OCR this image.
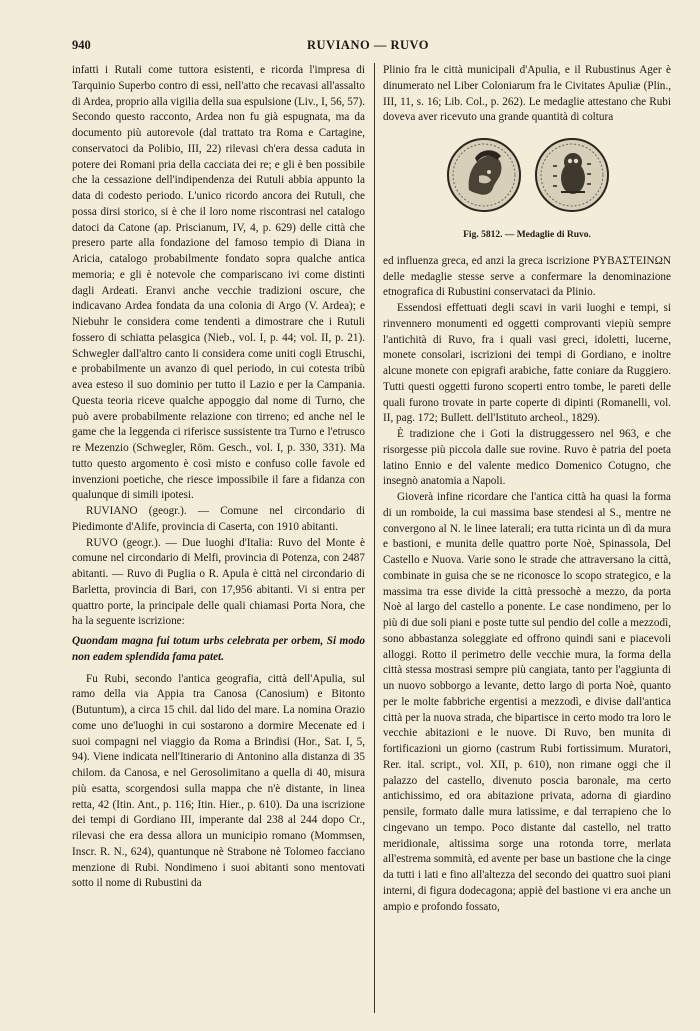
940	RUVIANO — RUVO

infatti i Rutali come tuttora esistenti, e ricorda l'impresa di Tarquinio Superbo contro di essi, nell'atto che recavasi all'assalto di Ardea, proprio alla vigilia della sua espulsione (Liv., I, 56, 57). Secondo questo racconto, Ardea non fu già espugnata, ma da documento più autorevole (dal trattato tra Roma e Cartagine, conservatoci da Polibio, III, 22) rilevasi ch'era dessa caduta in potere dei Romani pria della cacciata dei re; e gli è ben possibile che la cessazione dell'indipendenza dei Rutuli abbia appunto la data di codesto periodo. L'unico ricordo ancora dei Rutuli, che possa dirsi storico, si è che il loro nome riscontrasi nel catalogo datoci da Catone (ap. Priscianum, IV, 4, p. 629) delle città che presero parte alla fondazione del famoso tempio di Diana in Aricia, catalogo probabilmente fondato sopra qualche antica memoria; e gli è notevole che compariscano ivi come distinti dagli Ardeati. Eranvi anche vecchie tradizioni oscure, che indicavano Ardea fondata da una colonia di Argo (V. Ardea); e Niebuhr le considera come tendenti a dimostrare che i Rutuli fossero di schiatta pelasgica (Nieb., vol. I, p. 44; vol. II, p. 21). Schwegler dall'altro canto li considera come uniti cogli Etruschi, e probabilmente un avanzo di quel periodo, in cui cotesta tribù avea esteso il suo dominio per tutto il Lazio e per la Campania. Questa teoria riceve qualche appoggio dal nome di Turno, che può avere probabilmente relazione con tirreno; ed anche nel le game che la leggenda ci riferisce sussistente tra Turno e l'etrusco re Mezenzio (Schwegler, Röm. Gesch., vol. I, p. 330, 331). Ma tutto questo argomento è così misto e confuso colle favole ed invenzioni poetiche, che riesce impossibile il fare a fidanza con qualunque di simili ipotesi.

RUVIANO (geogr.). — Comune nel circondario di Piedimonte d'Alife, provincia di Caserta, con 1910 abitanti.

RUVO (geogr.). — Due luoghi d'Italia: Ruvo del Monte è comune nel circondario di Melfi, provincia di Potenza, con 2487 abitanti. — Ruvo di Puglia o R. Apula è città nel circondario di Barletta, provincia di Bari, con 17,956 abitanti. Vi si entra per quattro porte, la principale delle quali chiamasi Porta Nora, che ha la seguente iscrizione:

Quondam magna fui totum urbs celebrata per orbem, Si modo non eadem splendida fama patet.

Fu Rubi, secondo l'antica geografia, città dell'Apulia, sul ramo della via Appia tra Canosa (Canosium) e Bitonto (Butuntum), a circa 15 chil. dal lido del mare. La nomina Orazio come uno de'luoghi in cui sostarono a dormire Mecenate ed i suoi compagni nel viaggio da Roma a Brindisi (Hor., Sat. I, 5, 94). Viene indicata nell'Itinerario di Antonino alla distanza di 35 chilom. da Canosa, e nel Gerosolimitano a quella di 40, misura più esatta, scorgendosi sulla mappa che n'è distante, in linea retta, 42 (Itin. Ant., p. 116; Itin. Hier., p. 610). Da una iscrizione dei tempi di Gordiano III, imperante dal 238 al 244 dopo Cr., rilevasi che era dessa allora un municipio romano (Mommsen, Inscr. R. N., 624), quantunque nè Strabone nè Tolomeo facciano menzione di Rubi. Nondimeno i suoi abitanti sono mentovati sotto il nome di Rubustini da

Plinio fra le città municipali d'Apulia, e il Rubustinus Ager è dinumerato nel Liber Coloniarum fra le Civitates Apuliæ (Plin., III, 11, s. 16; Lib. Col., p. 262). Le medaglie attestano che Rubi doveva aver ricevuto una grande quantità di coltura

Fig. 5812. — Medaglie di Ruvo.

ed influenza greca, ed anzi la greca iscrizione ΡΥΒΑΣΤΕΙΝΩΝ delle medaglie stesse serve a confermare la denominazione etnografica di Rubustini conservataci da Plinio.

Essendosi effettuati degli scavi in varii luoghi e tempi, si rinvennero monumenti ed oggetti comprovanti viepiù sempre l'antichità di Ruvo, fra i quali vasi greci, idoletti, lucerne, monete consolari, iscrizioni dei tempi di Gordiano, e inoltre alcune monete con epigrafi arabiche, fatte coniare da Ruggiero. Tutti questi oggetti furono scoperti entro tombe, le pareti delle quali furono trovate in parte coperte di dipinti (Romanelli, vol. II, pag. 172; Bullett. dell'Istituto archeol., 1829).

È tradizione che i Goti la distruggessero nel 963, e che risorgesse più piccola dalle sue rovine. Ruvo è patria del poeta latino Ennio e del valente medico Domenico Cotugno, che insegnò anatomia a Napoli.

Gioverà infine ricordare che l'antica città ha quasi la forma di un romboide, la cui massima base stendesi al S., mentre ne convergono al N. le linee laterali; era tutta ricinta un dì da mura e bastioni, e munita delle quattro porte Noè, Spinassola, Del Castello e Nuova. Varie sono le strade che attraversano la città, combinate in guisa che se ne riconosce lo scopo strategico, e la massima tra esse divide la città pressochè a mezzo, da porta Noè al largo del castello a ponente. Le case nondimeno, per lo più di due soli piani e poste tutte sul pendio del colle a mezzodì, sono abbastanza soleggiate ed offrono quindi sani e piacevoli alloggi. Rotto il perimetro delle vecchie mura, la forma della città stessa mostrasi sempre più cangiata, tanto per l'aggiunta di un nuovo sobborgo a levante, detto largo di porta Noè, quanto per le molte fabbriche ergentisi a mezzodì, e divise dall'antica città per la nuova strada, che bipartisce in certo modo tra loro le vecchie abitazioni e le nuove. Di Ruvo, ben munita di fortificazioni un giorno (castrum Rubi fortissimum. Muratori, Rer. ital. script., vol. XII, p. 610), non rimane oggi che il palazzo del castello, divenuto poscia baronale, ma certo antichissimo, ed ora abitazione privata, adorna di giardino pensile, formato dalle mura latissime, e dal terrapieno che lo cingevano un tempo. Poco distante dal castello, nel tratto meridionale, altissima sorge una rotonda torre, merlata all'estrema sommità, ed avente per base un bastione che la cinge da tutti i lati e fino all'altezza del secondo dei quattro suoi piani interni, di figura dodecagona; appiè del bastione vi era anche un ampio e profondo fossato,
